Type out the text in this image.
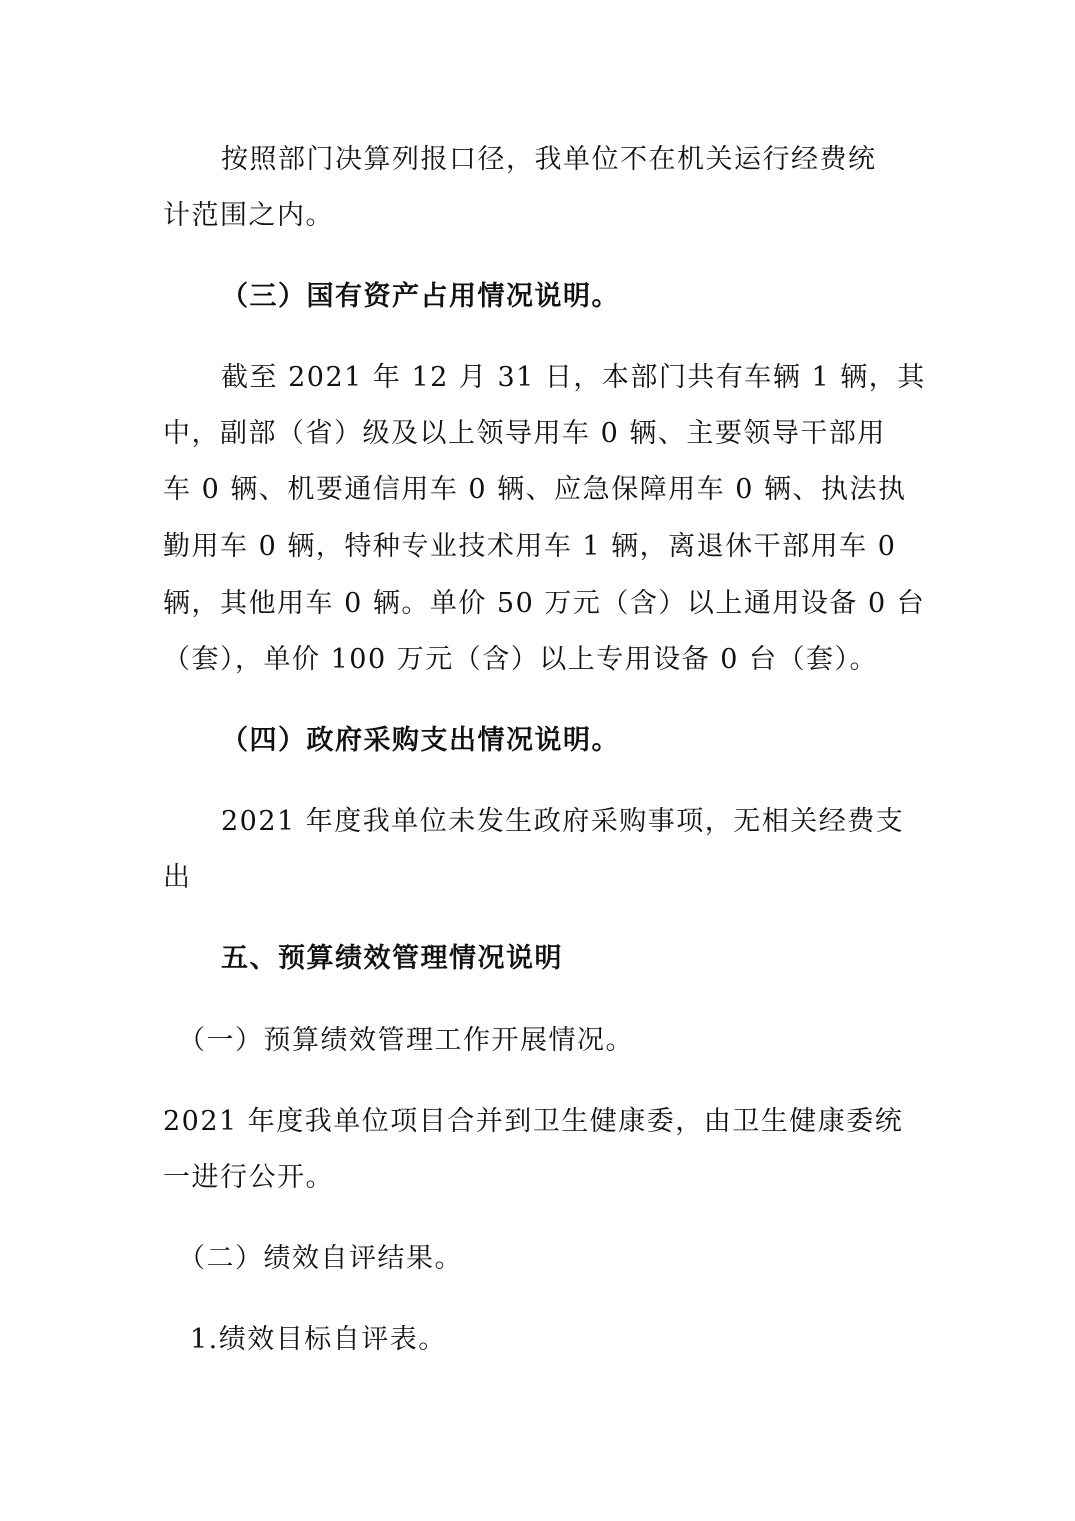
按照部门决算列报口径，我单位不在机关运行经费统
计范围之内。
（三）国有资产占用情况说明。
截至 2021 年 12 月 31 日，本部门共有车辆 1 辆，其
中，副部（省）级及以上领导用车 0 辆、主要领导干部用
车 0 辆、机要通信用车 0 辆、应急保障用车 0 辆、执法执
勤用车 0 辆，特种专业技术用车 1 辆，离退休干部用车 0
辆，其他用车 0 辆。单价 50 万元（含）以上通用设备 0 台
（套），单价 100 万元（含）以上专用设备 0 台（套）。
（四）政府采购支出情况说明。
2021 年度我单位未发生政府采购事项，无相关经费支
出
五、预算绩效管理情况说明
（一）预算绩效管理工作开展情况。
2021 年度我单位项目合并到卫生健康委，由卫生健康委统
一进行公开。
（二）绩效自评结果。
1.绩效目标自评表。
